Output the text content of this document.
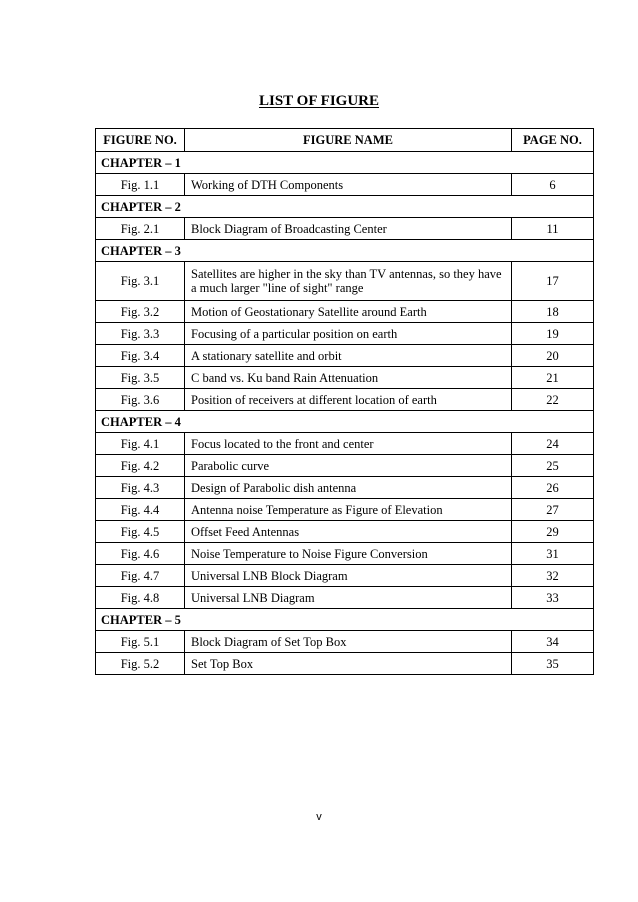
LIST OF FIGURE
FIGURE NO.	FIGURE NAME	PAGE NO.
CHAPTER – 1		
Fig. 1.1	Working of DTH Components	6
CHAPTER – 2		
Fig. 2.1	Block Diagram of Broadcasting Center	11
CHAPTER – 3		
Fig. 3.1	Satellites are higher in the sky than TV antennas, so they have a much larger "line of sight" range	17
Fig. 3.2	Motion of Geostationary Satellite around Earth	18
Fig. 3.3	Focusing of a particular position on earth	19
Fig. 3.4	A stationary satellite and orbit	20
Fig. 3.5	C band vs. Ku band Rain Attenuation	21
Fig. 3.6	Position of receivers at different location of earth	22
CHAPTER – 4		
Fig. 4.1	Focus located to the front and center	24
Fig. 4.2	Parabolic curve	25
Fig. 4.3	Design of Parabolic dish antenna	26
Fig. 4.4	Antenna noise Temperature as Figure of Elevation	27
Fig. 4.5	Offset Feed Antennas	29
Fig. 4.6	Noise Temperature to Noise Figure Conversion	31
Fig. 4.7	Universal LNB Block Diagram	32
Fig. 4.8	Universal LNB Diagram	33
CHAPTER – 5		
Fig. 5.1	Block Diagram of Set Top Box	34
Fig. 5.2	Set Top Box	35
v
